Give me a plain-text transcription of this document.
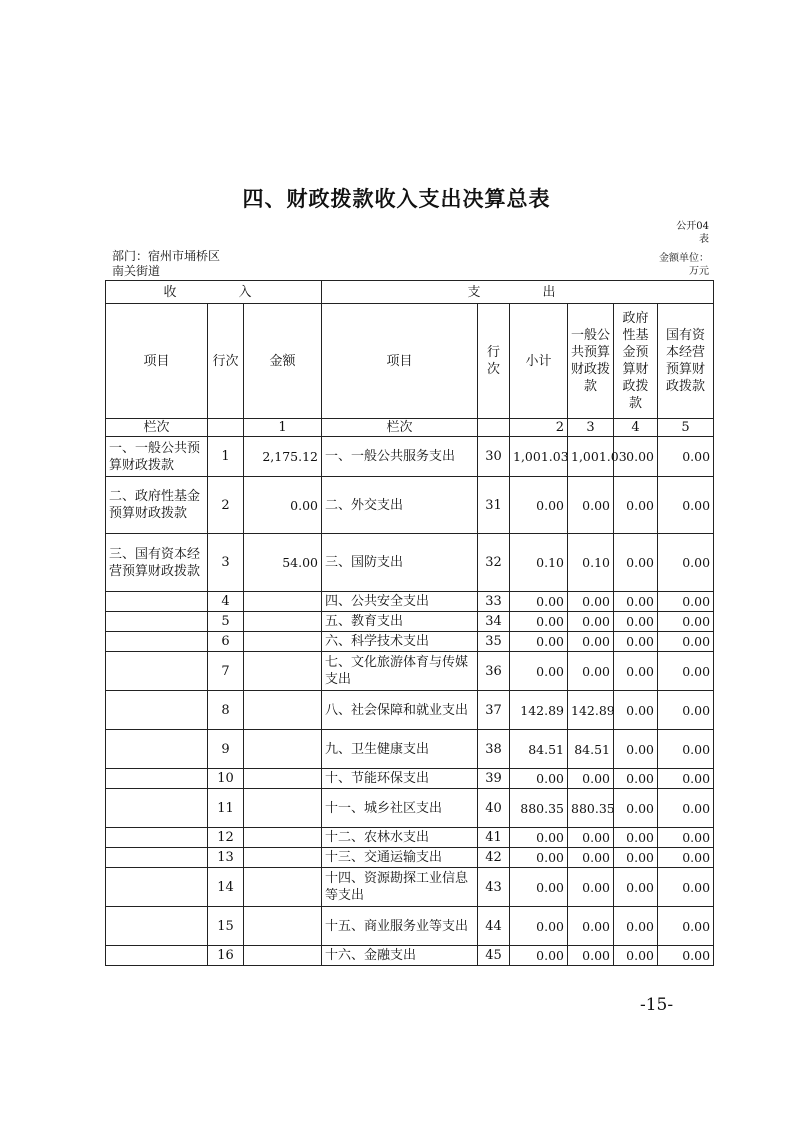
四、财政拨款收入支出决算总表
公开04表
部门：宿州市埇桥区南关街道
金额单位：万元
收　　入			支　　出					
项目	行次	金额	项目	行次	小计	一般公共预算财政拨款	政府性基金预算财政拨款	国有资本经营预算财政拨款
栏次		1	栏次		2	3	4	5
一、一般公共预算财政拨款	1	2,175.12	一、一般公共服务支出	30	1,001.03	1,001.03	0.00	0.00
二、政府性基金预算财政拨款	2	0.00	二、外交支出	31	0.00	0.00	0.00	0.00
三、国有资本经营预算财政拨款	3	54.00	三、国防支出	32	0.10	0.10	0.00	0.00
	4		四、公共安全支出	33	0.00	0.00	0.00	0.00
	5		五、教育支出	34	0.00	0.00	0.00	0.00
	6		六、科学技术支出	35	0.00	0.00	0.00	0.00
	7		七、文化旅游体育与传媒支出	36	0.00	0.00	0.00	0.00
	8		八、社会保障和就业支出	37	142.89	142.89	0.00	0.00
	9		九、卫生健康支出	38	84.51	84.51	0.00	0.00
	10		十、节能环保支出	39	0.00	0.00	0.00	0.00
	11		十一、城乡社区支出	40	880.35	880.35	0.00	0.00
	12		十二、农林水支出	41	0.00	0.00	0.00	0.00
	13		十三、交通运输支出	42	0.00	0.00	0.00	0.00
	14		十四、资源勘探工业信息等支出	43	0.00	0.00	0.00	0.00
	15		十五、商业服务业等支出	44	0.00	0.00	0.00	0.00
	16		十六、金融支出	45	0.00	0.00	0.00	0.00
-15-
